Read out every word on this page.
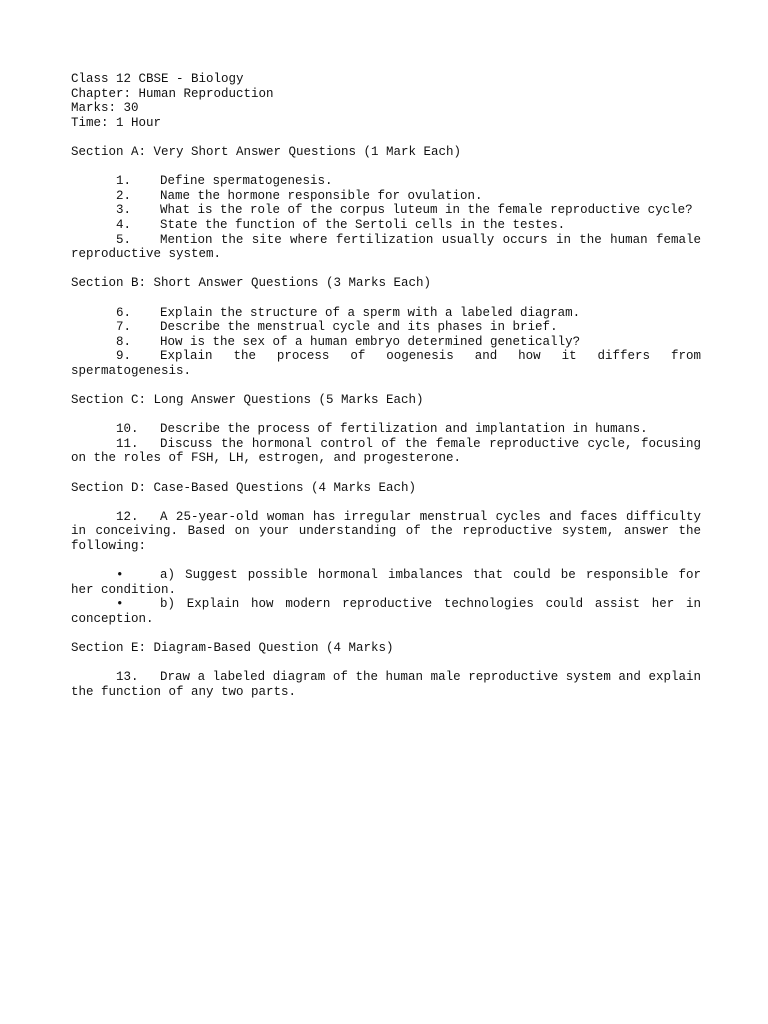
Class 12 CBSE - Biology
Chapter: Human Reproduction
Marks: 30
Time: 1 Hour
Section A: Very Short Answer Questions (1 Mark Each)
1. Define spermatogenesis.
2. Name the hormone responsible for ovulation.
3. What is the role of the corpus luteum in the female reproductive cycle?
4. State the function of the Sertoli cells in the testes.
5. Mention the site where fertilization usually occurs in the human female reproductive system.
Section B: Short Answer Questions (3 Marks Each)
6. Explain the structure of a sperm with a labeled diagram.
7. Describe the menstrual cycle and its phases in brief.
8. How is the sex of a human embryo determined genetically?
9. Explain the process of oogenesis and how it differs from spermatogenesis.
Section C: Long Answer Questions (5 Marks Each)
10. Describe the process of fertilization and implantation in humans.
11. Discuss the hormonal control of the female reproductive cycle, focusing on the roles of FSH, LH, estrogen, and progesterone.
Section D: Case-Based Questions (4 Marks Each)
12. A 25-year-old woman has irregular menstrual cycles and faces difficulty in conceiving. Based on your understanding of the reproductive system, answer the following:
•	a) Suggest possible hormonal imbalances that could be responsible for her condition.
•	b) Explain how modern reproductive technologies could assist her in conception.
Section E: Diagram-Based Question (4 Marks)
13. Draw a labeled diagram of the human male reproductive system and explain the function of any two parts.
